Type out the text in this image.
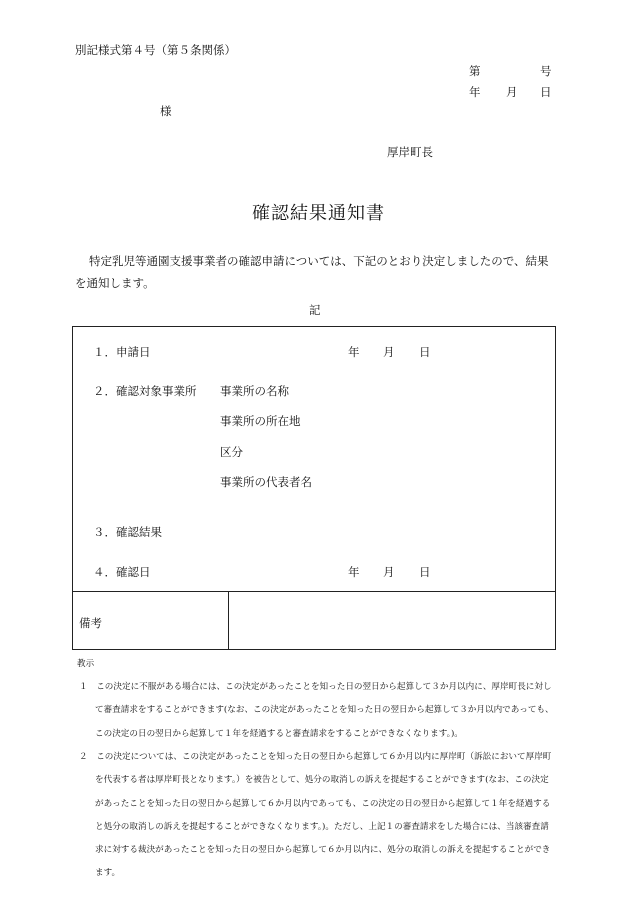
別記様式第４号（第５条関係）
第	号
年 月 日
様
厚岸町長
確認結果通知書
特定乳児等通園支援事業者の確認申請については、下記のとおり決定しましたので、結果を通知します。
記
１．申請日	年 月 日
２．確認対象事業所 事業所の名称
事業所の所在地
区分
事業所の代表者名
３．確認結果
４．確認日	年 月 日
備考
教示
１　この決定に不服がある場合には、この決定があったことを知った日の翌日から起算して３か月以内に、厚岸町長に対して審査請求をすることができます(なお、この決定があったことを知った日の翌日から起算して３か月以内であっても、この決定の日の翌日から起算して１年を経過すると審査請求をすることができなくなります。)。
２　この決定については、この決定があったことを知った日の翌日から起算して６か月以内に厚岸町（訴訟において厚岸町を代表する者は厚岸町長となります。）を被告として、処分の取消しの訴えを提起することができます(なお、この決定があったことを知った日の翌日から起算して６か月以内であっても、この決定の日の翌日から起算して１年を経過すると処分の取消しの訴えを提起することができなくなります。)。ただし、上記１の審査請求をした場合には、当該審査請求に対する裁決があったことを知った日の翌日から起算して６か月以内に、処分の取消しの訴えを提起することができます。
